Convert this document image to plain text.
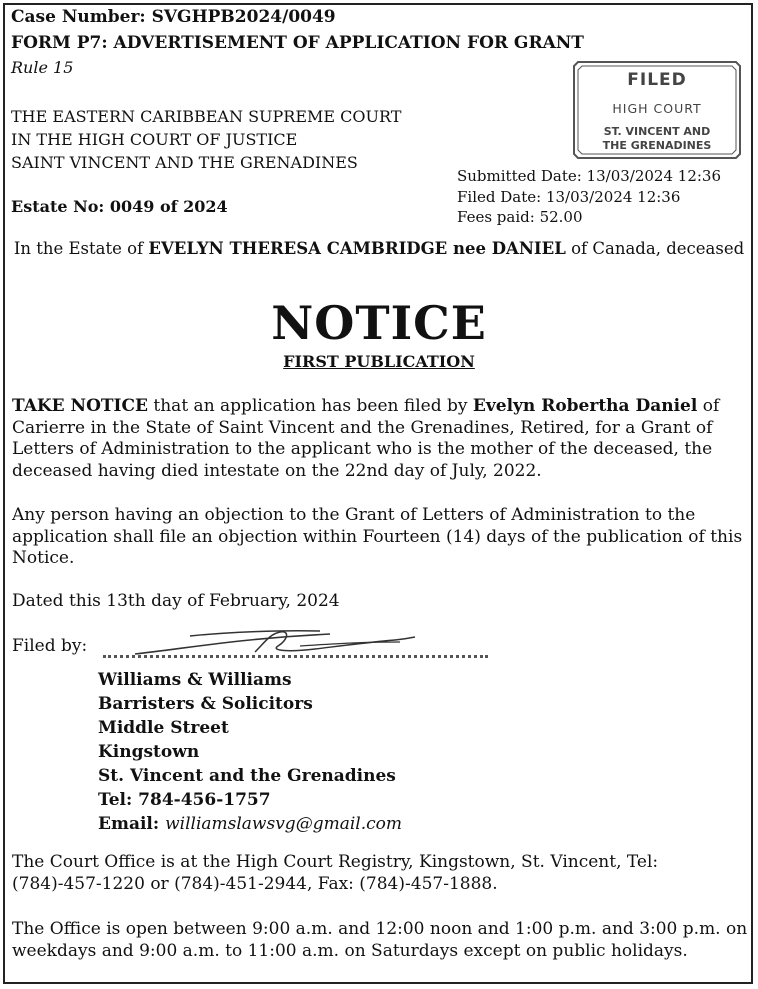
Case Number: SVGHPB2024/0049
FORM P7: ADVERTISEMENT OF APPLICATION FOR GRANT
Rule 15
THE EASTERN CARIBBEAN SUPREME COURT
IN THE HIGH COURT OF JUSTICE
SAINT VINCENT AND THE GRENADINES
Estate No: 0049 of 2024
FILED
HIGH COURT
ST. VINCENT AND
THE GRENADINES
Submitted Date: 13/03/2024 12:36
Filed Date: 13/03/2024 12:36
Fees paid: 52.00
In the Estate of EVELYN THERESA CAMBRIDGE nee DANIEL of Canada, deceased
NOTICE
FIRST PUBLICATION
TAKE NOTICE that an application has been filed by Evelyn Robertha Daniel of Carierre in the State of Saint Vincent and the Grenadines, Retired, for a Grant of Letters of Administration to the applicant who is the mother of the deceased, the deceased having died intestate on the 22nd day of July, 2022.
Any person having an objection to the Grant of Letters of Administration to the application shall file an objection within Fourteen (14) days of the publication of this Notice.
Dated this 13th day of February, 2024
Filed by:
Williams & Williams
Barristers & Solicitors
Middle Street
Kingstown
St. Vincent and the Grenadines
Tel: 784-456-1757
Email: williamslawsvg@gmail.com
The Court Office is at the High Court Registry, Kingstown, St. Vincent, Tel: (784)-457-1220 or (784)-451-2944, Fax: (784)-457-1888.
The Office is open between 9:00 a.m. and 12:00 noon and 1:00 p.m. and 3:00 p.m. on weekdays and 9:00 a.m. to 11:00 a.m. on Saturdays except on public holidays.
